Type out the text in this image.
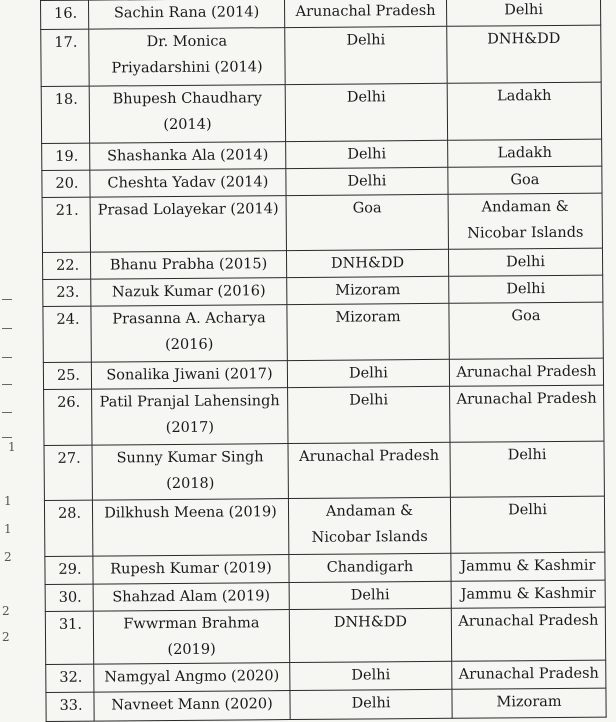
1
1
1
2
2
2
16.	Sachin Rana (2014)	Arunachal Pradesh	Delhi
17.	Dr. Monica Priyadarshini (2014)	Delhi	DNH&DD
18.	Bhupesh Chaudhary (2014)	Delhi	Ladakh
19.	Shashanka Ala (2014)	Delhi	Ladakh
20.	Cheshta Yadav (2014)	Delhi	Goa
21.	Prasad Lolayekar (2014)	Goa	Andaman & Nicobar Islands
22.	Bhanu Prabha (2015)	DNH&DD	Delhi
23.	Nazuk Kumar (2016)	Mizoram	Delhi
24.	Prasanna A. Acharya (2016)	Mizoram	Goa
25.	Sonalika Jiwani (2017)	Delhi	Arunachal Pradesh
26.	Patil Pranjal Lahensingh (2017)	Delhi	Arunachal Pradesh
27.	Sunny Kumar Singh (2018)	Arunachal Pradesh	Delhi
28.	Dilkhush Meena (2019)	Andaman & Nicobar Islands	Delhi
29.	Rupesh Kumar (2019)	Chandigarh	Jammu & Kashmir
30.	Shahzad Alam (2019)	Delhi	Jammu & Kashmir
31.	Fwwrman Brahma (2019)	DNH&DD	Arunachal Pradesh
32.	Namgyal Angmo (2020)	Delhi	Arunachal Pradesh
33.	Navneet Mann (2020)	Delhi	Mizoram
